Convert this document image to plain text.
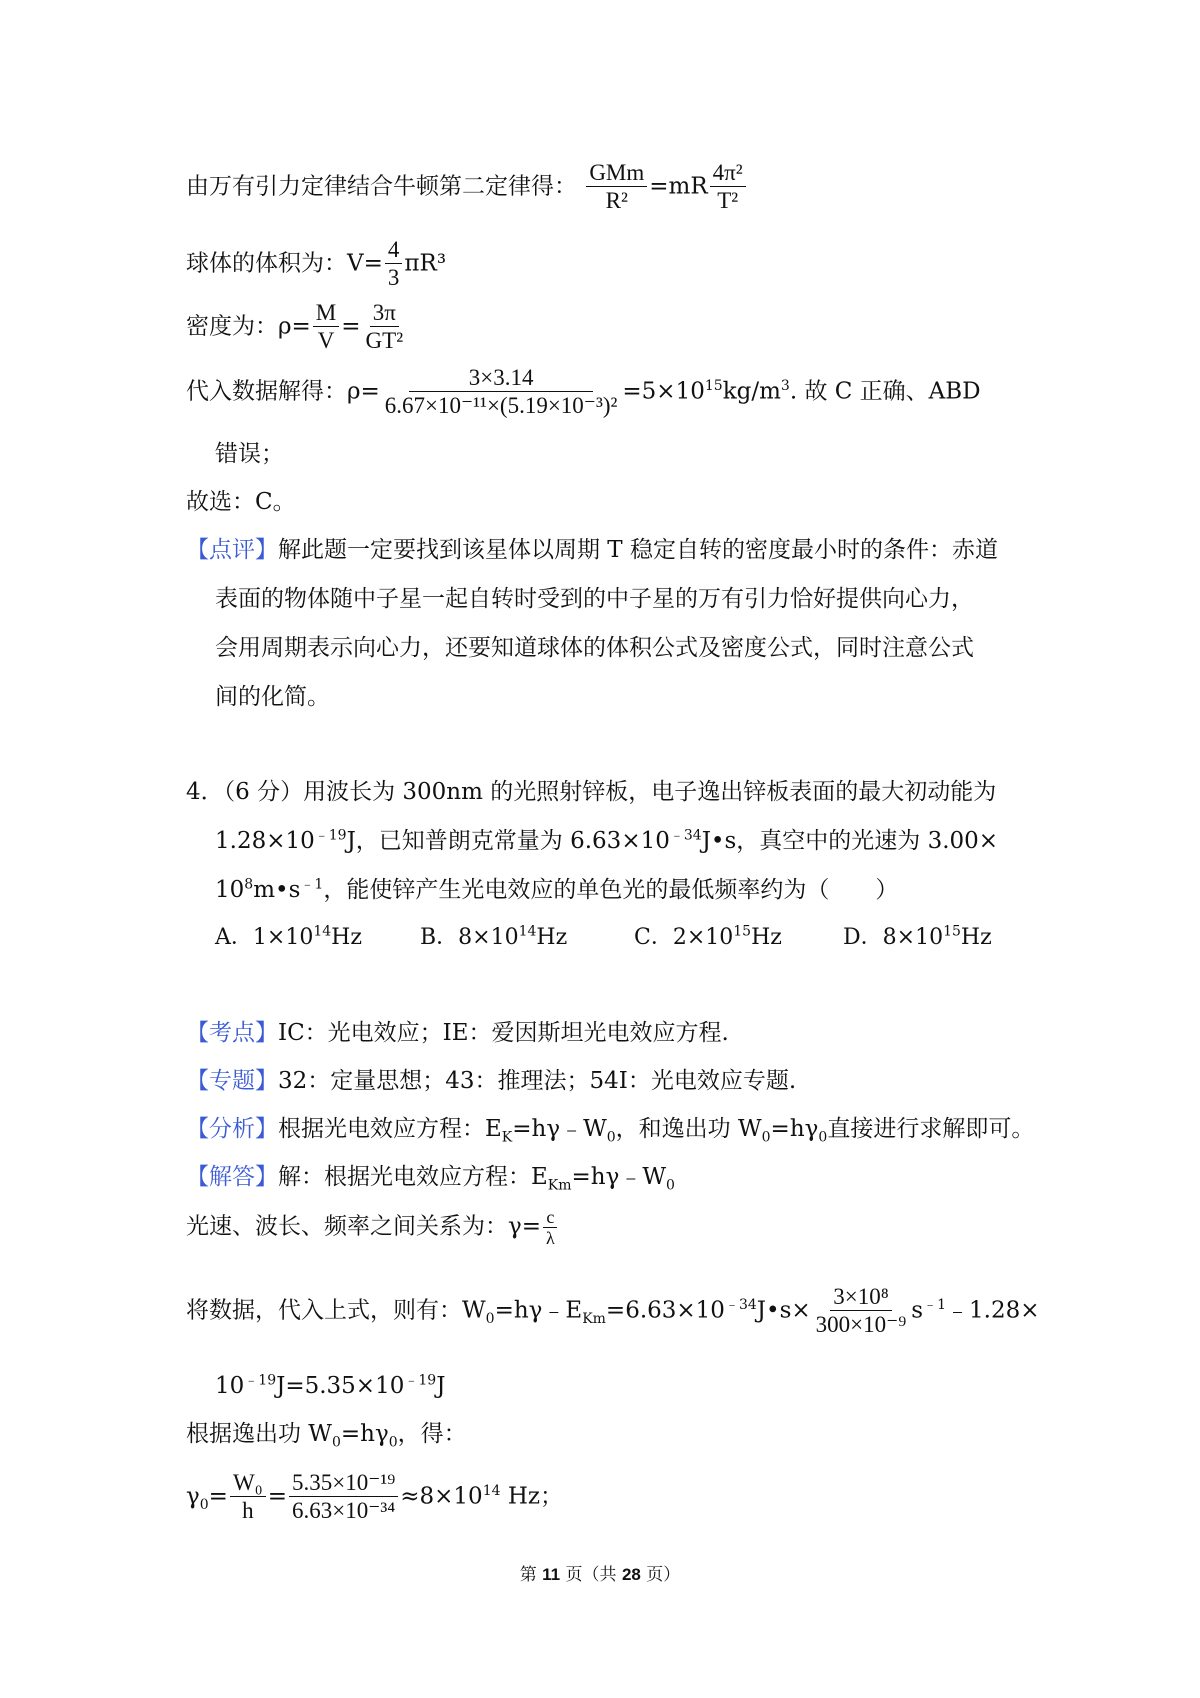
由万有引力定律结合牛顿第二定律得：
GMm
R²
$=mR \frac{\text{4π²}}{\text{T²}}$
球体的体积为：$V= \frac{4}{3} \pi R^3$
密度为：$\rho= \frac{M}{V} = \frac{3\pi}{\text{GT²}}$
代入数据解得：$\rho= \frac{3\times 3.14}{\text{6.67×10⁻¹¹×(5.19×10⁻³)²}} =5\times 10^{15}kg/m^3$. 故 C 正确、ABD
错误；
故选：C。
【点评】解此题一定要找到该星体以周期 T 稳定自转的密度最小时的条件：赤道
表面的物体随中子星一起自转时受到的中子星的万有引力恰好提供向心力，
会用周期表示向心力，还要知道球体的体积公式及密度公式，同时注意公式
间的化简。
4．（6 分）用波长为 300nm 的光照射锌板，电子逸出锌板表面的最大初动能为
$1.28\times 10^{﹣19}J$，已知普朗克常量为 $6.63\times 10^{﹣34}J•s$，真空中的光速为 3.00×
$10^8m•s^{﹣1}$，能使锌产生光电效应的单色光的最低频率约为（　　）
A．$1\times 10^{14}Hz$	B．$8\times 10^{14}Hz$	C．$2\times 10^{15}Hz$	D．$8\times 10^{15}Hz$
【考点】IC：光电效应；IE：爱因斯坦光电效应方程.
【专题】32：定量思想；43：推理法；54I：光电效应专题.
【分析】根据光电效应方程：$E_K=h\gamma﹣W_0$，和逸出功 $W_0=h\gamma_0$直接进行求解即可。
【解答】解：根据光电效应方程：$E_{Km}=h\gamma﹣W_0$
光速、波长、频率之间关系为：$\gamma= \frac{c}{\lambda}$
将数据，代入上式，则有：$W_0=h\gamma﹣E_{Km}=6.63\times 10^{﹣34}J•s\times \frac{\text{3×10⁸}}{\text{300×10⁻⁹}}$ $s^{﹣1}﹣1.28\times$
$10^{﹣19}J=5.35\times 10^{﹣19}J$
根据逸出功 $W_0=h\gamma_0$，得：
$\gamma_0= \frac{\text{W₀}}{h} = \frac{\text{5.35×10⁻¹⁹}}{\text{6.63×10⁻³⁴}} \approx 8\times 10^{14}$ Hz；
第 11 页（共 28 页）
